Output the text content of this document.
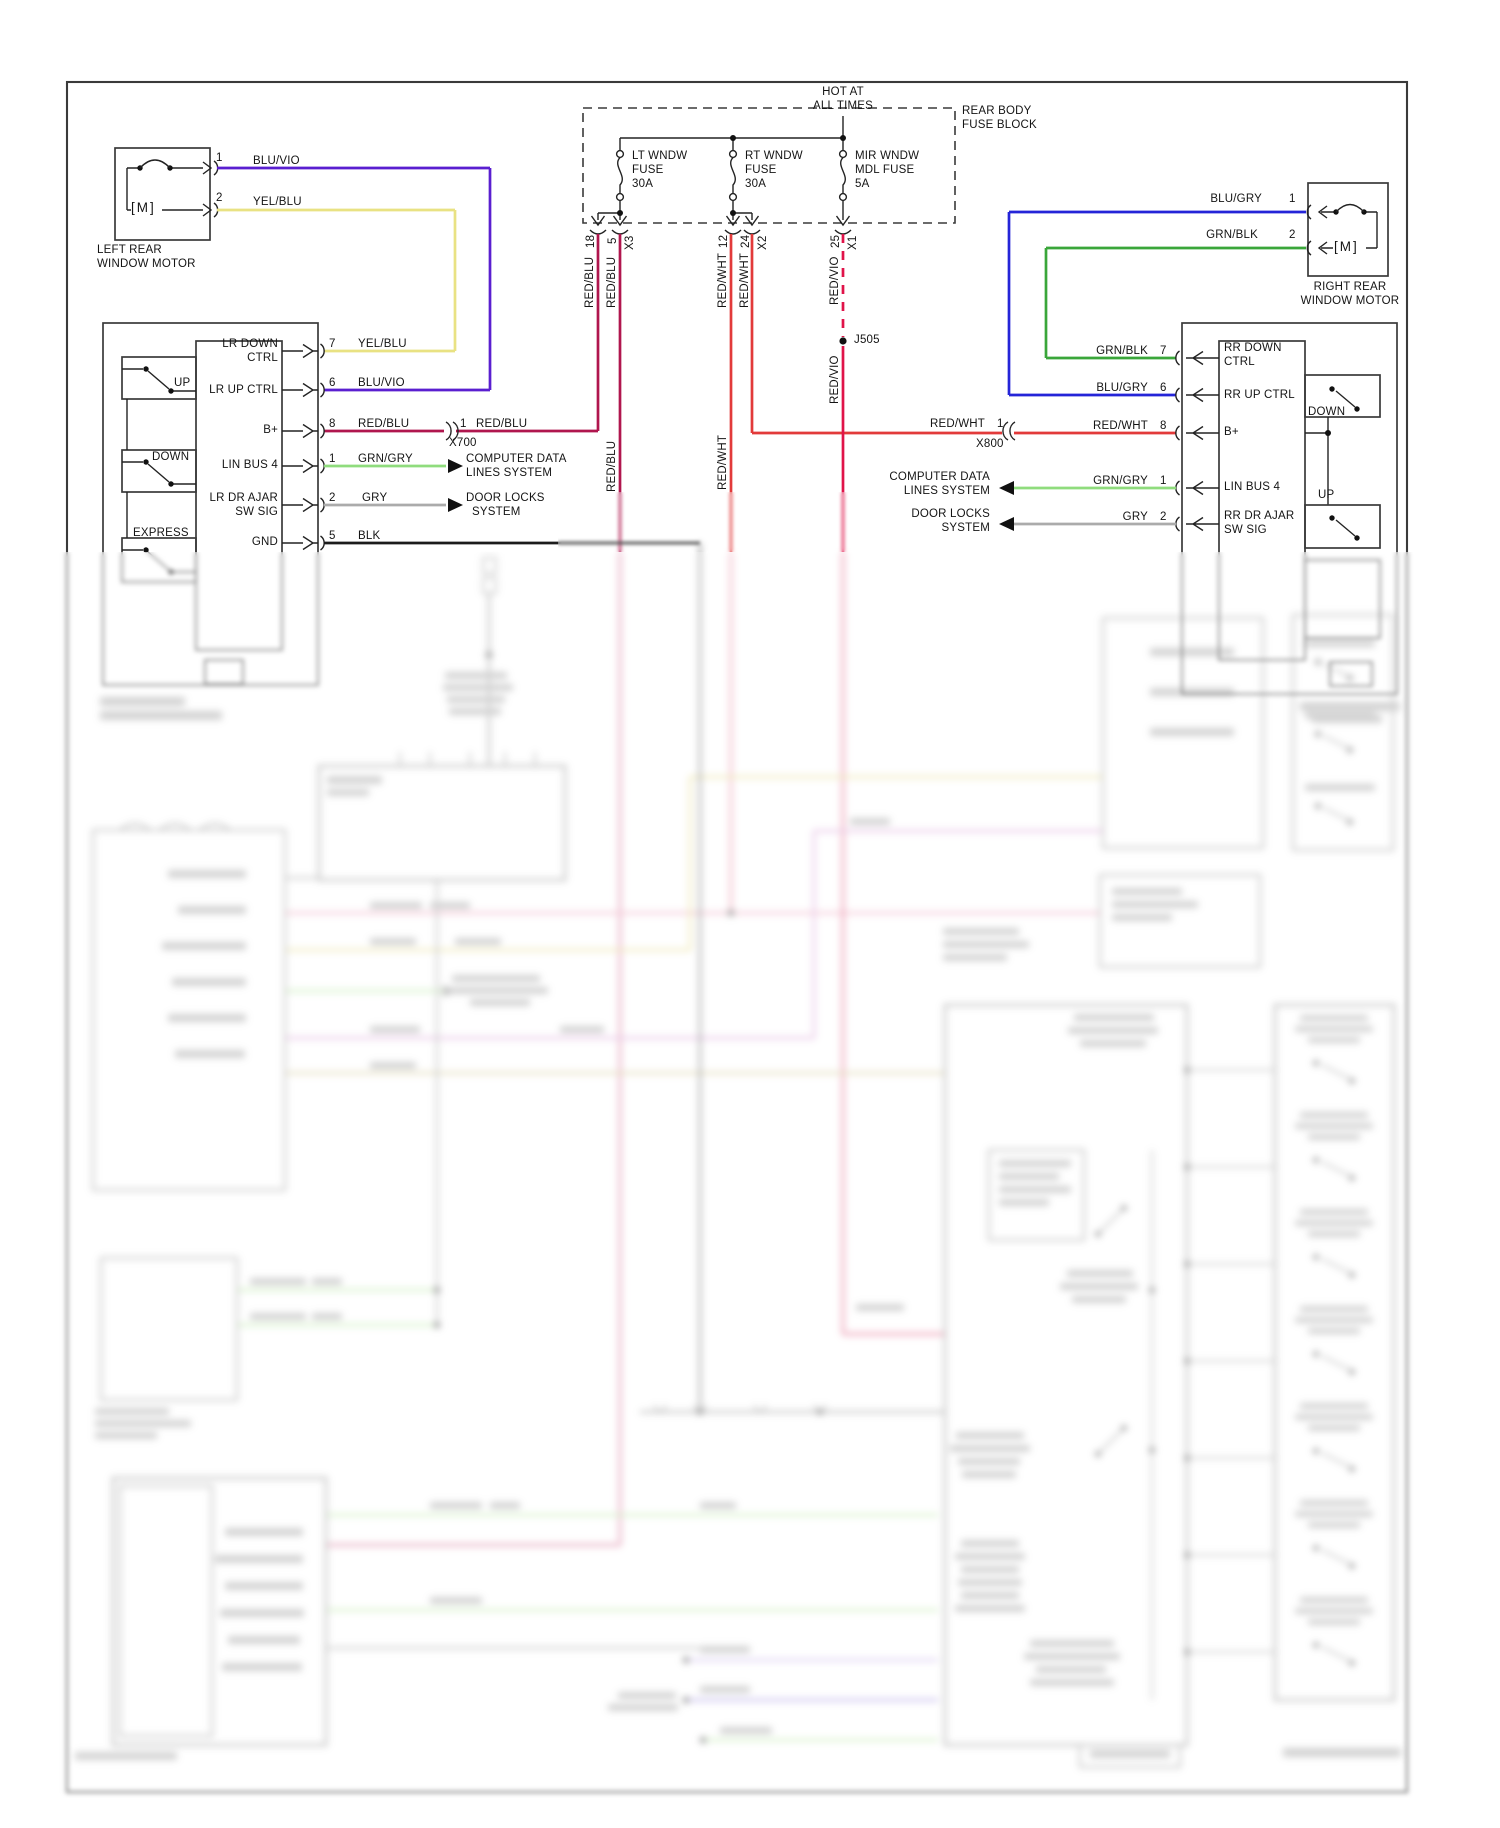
HOT AT
ALL TIMES	REAR BODY
FUSE BLOCK
LT WNDW
FUSE
30A
RT WNDW
FUSE
30A
MIR WNDW
MDL FUSE
5A
18 5 X3	12 24 X2	25 X1
RED/BLU RED/BLU
RED/BLU
RED/WHT RED/WHT
RED/WHT
RED/VIO
RED/VIO
J505
1	BLU/VIO
2	YEL/BLU
[M]
LEFT REAR
WINDOW MOTOR
BLU/GRY 1
GRN/BLK	2
[M]
RIGHT REAR
WINDOW MOTOR
LR DOWN
CTRL
LR UP CTRL
B+
LIN BUS 4
LR DR AJAR
SW SIG
GND
UP
DOWN
EXPRESS
7 YEL/BLU
6 BLU/VIO
8 RED/BLU	1 RED/BLU
X700
1 GRN/GRY
2 GRY
5 BLK
COMPUTER DATA
LINES SYSTEM
DOOR LOCKS
SYSTEM
RR DOWN
CTRL
RR UP CTRL
B+
LIN BUS 4
RR DR AJAR
SW SIG
DOWN
UP
GRN/BLK 7
BLU/GRY 6
RED/WHT 8
RED/WHT 1
X800
GRN/GRY 1
GRY 2
COMPUTER DATA
LINES SYSTEM
DOOR LOCKS
SYSTEM
